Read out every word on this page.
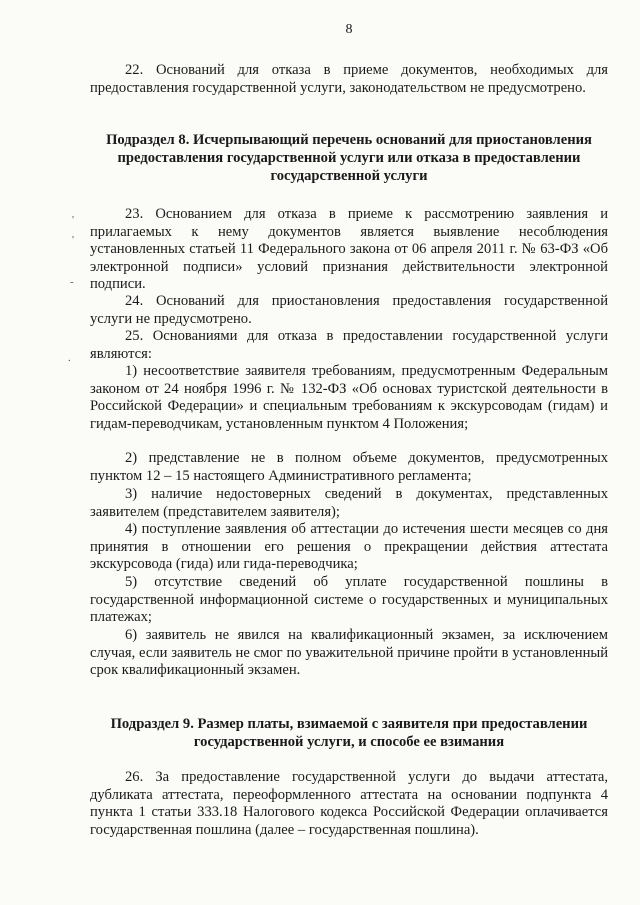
8

22. Оснований для отказа в приеме документов, необходимых для предоставления государственной услуги, законодательством не предусмотрено.

Подраздел 8. Исчерпывающий перечень оснований для приостановления предоставления государственной услуги или отказа в предоставлении государственной услуги

23. Основанием для отказа в приеме к рассмотрению заявления и прилагаемых к нему документов является выявление несоблюдения установленных статьей 11 Федерального закона от 06 апреля 2011 г. № 63-ФЗ «Об электронной подписи» условий признания действительности электронной подписи.

24. Оснований для приостановления предоставления государственной услуги не предусмотрено.

25. Основаниями для отказа в предоставлении государственной услуги являются:

1) несоответствие заявителя требованиям, предусмотренным Федеральным законом от 24 ноября 1996 г. № 132-ФЗ «Об основах туристской деятельности в Российской Федерации» и специальным требованиям к экскурсоводам (гидам) и гидам-переводчикам, установленным пунктом 4 Положения;

2) представление не в полном объеме документов, предусмотренных пунктом 12 – 15 настоящего Административного регламента;

3) наличие недостоверных сведений в документах, представленных заявителем (представителем заявителя);

4) поступление заявления об аттестации до истечения шести месяцев со дня принятия в отношении его решения о прекращении действия аттестата экскурсовода (гида) или гида-переводчика;

5) отсутствие сведений об уплате государственной пошлины в государственной информационной системе о государственных и муниципальных платежах;

6) заявитель не явился на квалификационный экзамен, за исключением случая, если заявитель не смог по уважительной причине пройти в установленный срок квалификационный экзамен.

Подраздел 9. Размер платы, взимаемой с заявителя при предоставлении государственной услуги, и способе ее взимания

26. За предоставление государственной услуги до выдачи аттестата, дубликата аттестата, переоформленного аттестата на основании подпункта 4 пункта 1 статьи 333.18 Налогового кодекса Российской Федерации оплачивается государственная пошлина (далее – государственная пошлина).

'
'
-
.
